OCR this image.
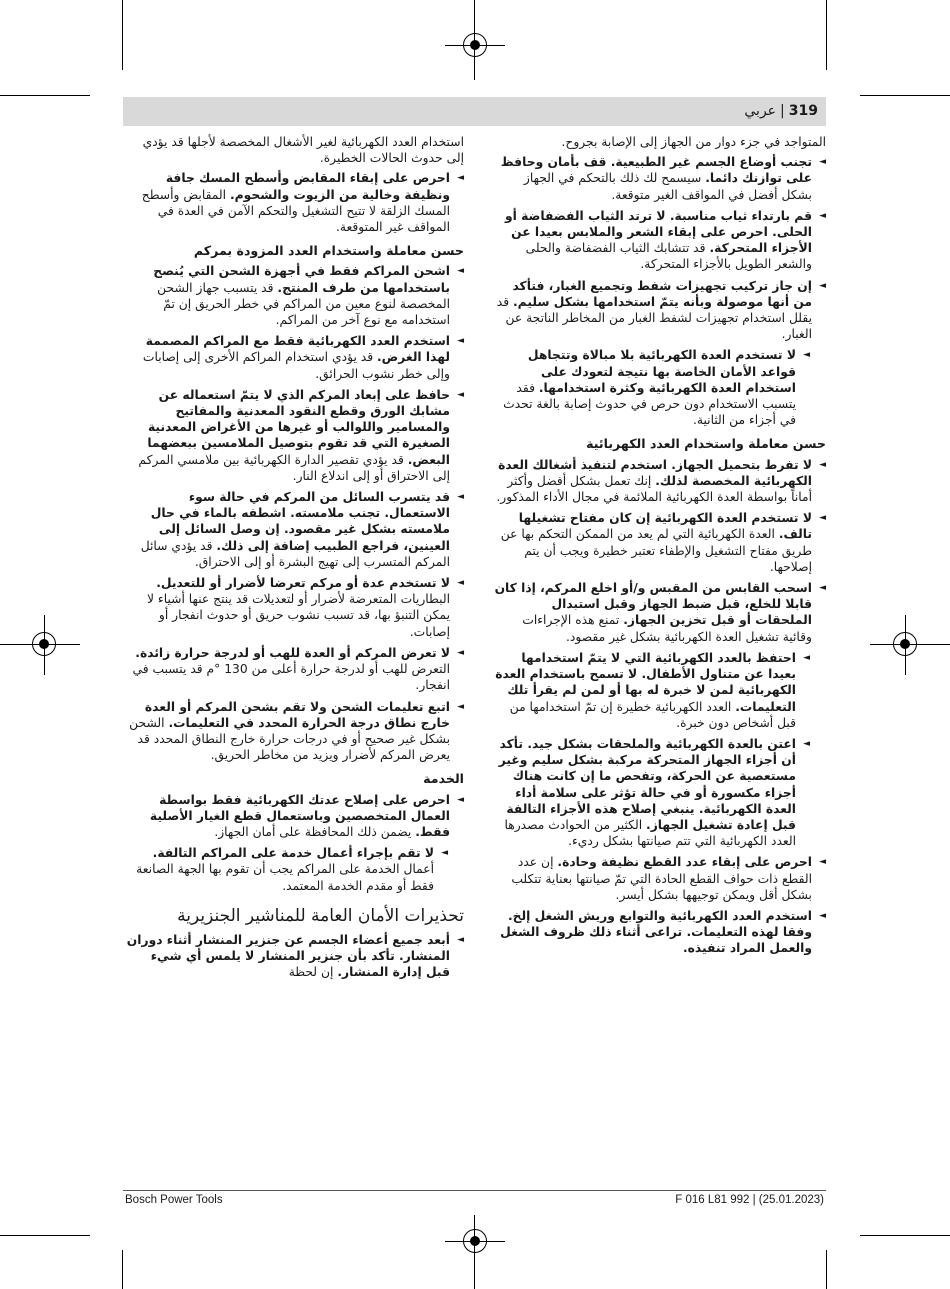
319|عربي
المتواجد في جزء دوار من الجهاز إلى الإصابة بجروح.
◄ تجنب أوضاع الجسم غير الطبيعية. قف بأمان وحافظ على توازنك دائما. سيسمح لك ذلك بالتحكم في الجهاز بشكل أفضل في المواقف الغير متوقعة.
◄ قم بارتداء ثياب مناسبة. لا ترتد الثياب الفضفاضة أو الحلى. احرص على إبقاء الشعر والملابس بعيدا عن الأجزاء المتحركة. قد تتشابك الثياب الفضفاضة والحلى والشعر الطويل بالأجزاء المتحركة.
◄ إن جاز تركيب تجهيزات شفط وتجميع الغبار، فتأكد من أنها موصولة وبأنه يتمّ استخدامها بشكل سليم. قد يقلل استخدام تجهيزات لشفط الغبار من المخاطر الناتجة عن الغبار.
◄ لا تستخدم العدة الكهربائية بلا مبالاة وتتجاهل قواعد الأمان الخاصة بها نتيجة لتعودك على استخدام العدة الكهربائية وكثرة استخدامها. فقد يتسبب الاستخدام دون حرص في حدوث إصابة بالغة تحدث في أجزاء من الثانية.
حسن معاملة واستخدام العدد الكهربائية
◄ لا تفرط بتحميل الجهاز. استخدم لتنفيذ أشغالك العدة الكهربائية المخصصة لذلك. إنك تعمل بشكل أفضل وأكثر أماناً بواسطة العدة الكهربائية الملائمة في مجال الأداء المذكور.
◄ لا تستخدم العدة الكهربائية إن كان مفتاح تشغيلها تالف. العدة الكهربائية التي لم يعد من الممكن التحكم بها عن طريق مفتاح التشغيل والإطفاء تعتبر خطيرة ويجب أن يتم إصلاحها.
◄ اسحب القابس من المقبس و/أو اخلع المركم، إذا كان قابلا للخلع، قبل ضبط الجهاز وقبل استبدال الملحقات أو قبل تخزين الجهاز. تمنع هذه الإجراءات وقائية تشغيل العدة الكهربائية بشكل غير مقصود.
◄ احتفظ بالعدد الكهربائية التي لا يتمّ استخدامها بعيدا عن متناول الأطفال. لا تسمح باستخدام العدة الكهربائية لمن لا خبرة له بها أو لمن لم يقرأ تلك التعليمات. العدد الكهربائية خطيرة إن تمّ استخدامها من قبل أشخاص دون خبرة.
◄ اعتن بالعدة الكهربائية والملحقات بشكل جيد. تأكد أن أجزاء الجهاز المتحركة مركبة بشكل سليم وغير مستعصية عن الحركة، وتفحص ما إن كانت هناك أجزاء مكسورة أو في حالة تؤثر على سلامة أداء العدة الكهربائية. ينبغي إصلاح هذه الأجزاء التالفة قبل إعادة تشغيل الجهاز. الكثير من الحوادث مصدرها العدد الكهربائية التي تتم صيانتها بشكل رديء.
◄ احرص على إبقاء عدد القطع نظيفة وحادة. إن عدد القطع ذات حواف القطع الحادة التي تمّ صيانتها بعناية تتكلب بشكل أقل ويمكن توجيهها بشكل أيسر.
◄ استخدم العدد الكهربائية والتوابع وريش الشغل إلخ. وفقا لهذه التعليمات. تراعى أثناء ذلك ظروف الشغل والعمل المراد تنفيذه.
استخدام العدد الكهربائية لغير الأشغال المخصصة لأجلها قد يؤدي إلى حدوث الحالات الخطيرة.
◄ احرص على إبقاء المقابض وأسطح المسك جافة ونظيفة وخالية من الزيوت والشحوم. المقابض وأسطح المسك الزلقة لا تتيح التشغيل والتحكم الآمن في العدة في المواقف غير المتوقعة.
حسن معاملة واستخدام العدد المزودة بمركم
◄ اشحن المراكم فقط في أجهزة الشحن التي يُنصح باستخدامها من طرف المنتج. قد يتسبب جهاز الشحن المخصصة لنوع معين من المراكم في خطر الحريق إن تمّ استخدامه مع نوع آخر من المراكم.
◄ استخدم العدد الكهربائية فقط مع المراكم المصممة لهذا الغرض. قد يؤدي استخدام المراكم الأخرى إلى إصابات وإلى خطر نشوب الحرائق.
◄ حافظ على إبعاد المركم الذي لا يتمّ استعماله عن مشابك الورق وقطع النقود المعدنية والمفاتيح والمسامير واللوالب أو غيرها من الأغراض المعدنية الصغيرة التي قد تقوم بتوصيل الملامسين ببعضهما البعض. قد يؤدي تقصير الدارة الكهربائية بين ملامسي المركم إلى الاحتراق أو إلى اندلاع النار.
◄ قد يتسرب السائل من المركم في حالة سوء الاستعمال. تجنب ملامسته. اشطفه بالماء في حال ملامسته بشكل غير مقصود. إن وصل السائل إلى العينين، فراجع الطبيب إضافة إلى ذلك. قد يؤدي سائل المركم المتسرب إلى تهيج البشرة أو إلى الاحتراق.
◄ لا تستخدم عدة أو مركم تعرضا لأضرار أو للتعديل. البطاريات المتعرضة لأضرار أو لتعديلات قد ينتج عنها أشياء لا يمكن التنبؤ بها، قد تسبب نشوب حريق أو حدوث انفجار أو إصابات.
◄ لا تعرض المركم أو العدة للهب أو لدرجة حرارة زائدة. التعرض للهب أو لدرجة حرارة أعلى من 130 °م قد يتسبب في انفجار.
◄ اتبع تعليمات الشحن ولا تقم بشحن المركم أو العدة خارج نطاق درجة الحرارة المحدد في التعليمات. الشحن بشكل غير صحيح أو في درجات حرارة خارج النطاق المحدد قد يعرض المركم لأضرار ويزيد من مخاطر الحريق.
الخدمة
◄ احرص على إصلاح عدتك الكهربائية فقط بواسطة العمال المتخصصين وباستعمال قطع الغيار الأصلية فقط. يضمن ذلك المحافظة على أمان الجهاز.
◄ لا تقم بإجراء أعمال خدمة على المراكم التالفة. أعمال الخدمة على المراكم يجب أن تقوم بها الجهة الصانعة فقط أو مقدم الخدمة المعتمد.
تحذيرات الأمان العامة للمناشير الجنزيرية
◄ أبعد جميع أعضاء الجسم عن جنزير المنشار أثناء دوران المنشار. تأكد بأن جنزير المنشار لا يلمس أي شيء قبل إدارة المنشار. إن لحظة
Bosch Power Tools	F 016 L81 992 | (25.01.2023)
